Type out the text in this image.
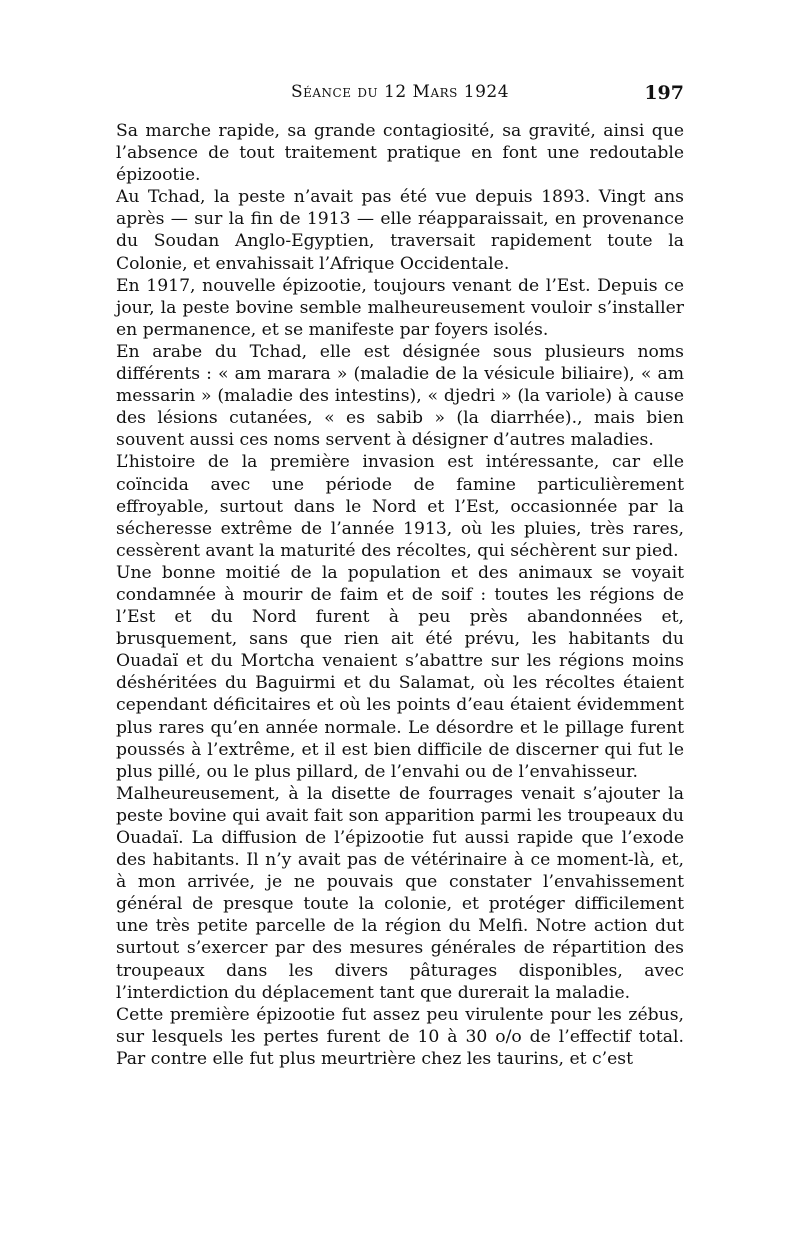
Séance du 12 Mars 1924	197

Sa marche rapide, sa grande contagiosité, sa gravité, ainsi que l’absence de tout traitement pratique en font une redoutable épizootie.

Au Tchad, la peste n’avait pas été vue depuis 1893. Vingt ans après — sur la fin de 1913 — elle réapparaissait, en provenance du Soudan Anglo-Egyptien, traversait rapidement toute la Colonie, et envahissait l’Afrique Occidentale.

En 1917, nouvelle épizootie, toujours venant de l’Est. Depuis ce jour, la peste bovine semble malheureusement vouloir s’installer en permanence, et se manifeste par foyers isolés.

En arabe du Tchad, elle est désignée sous plusieurs noms différents : « am marara » (maladie de la vésicule biliaire), « am messarin » (maladie des intestins), « djedri » (la variole) à cause des lésions cutanées, « es sabib » (la diarrhée)., mais bien souvent aussi ces noms servent à désigner d’autres maladies.

L’histoire de la première invasion est intéressante, car elle coïncida avec une période de famine particulièrement effroyable, surtout dans le Nord et l’Est, occasionnée par la sécheresse extrême de l’année 1913, où les pluies, très rares, cessèrent avant la maturité des récoltes, qui séchèrent sur pied.

Une bonne moitié de la population et des animaux se voyait condamnée à mourir de faim et de soif : toutes les régions de l’Est et du Nord furent à peu près abandonnées et, brusquement, sans que rien ait été prévu, les habitants du Ouadaï et du Mortcha venaient s’abattre sur les régions moins déshéritées du Baguirmi et du Salamat, où les récoltes étaient cependant déficitaires et où les points d’eau étaient évidemment plus rares qu’en année normale. Le désordre et le pillage furent poussés à l’extrême, et il est bien difficile de discerner qui fut le plus pillé, ou le plus pillard, de l’envahi ou de l’envahisseur.

Malheureusement, à la disette de fourrages venait s’ajouter la peste bovine qui avait fait son apparition parmi les troupeaux du Ouadaï. La diffusion de l’épizootie fut aussi rapide que l’exode des habitants. Il n’y avait pas de vétérinaire à ce moment-là, et, à mon arrivée, je ne pouvais que constater l’envahissement général de presque toute la colonie, et protéger difficilement une très petite parcelle de la région du Melfi. Notre action dut surtout s’exercer par des mesures générales de répartition des troupeaux dans les divers pâturages disponibles, avec l’interdiction du déplacement tant que durerait la maladie.

Cette première épizootie fut assez peu virulente pour les zébus, sur lesquels les pertes furent de 10 à 30 o/o de l’effectif total. Par contre elle fut plus meurtrière chez les taurins, et c’est
